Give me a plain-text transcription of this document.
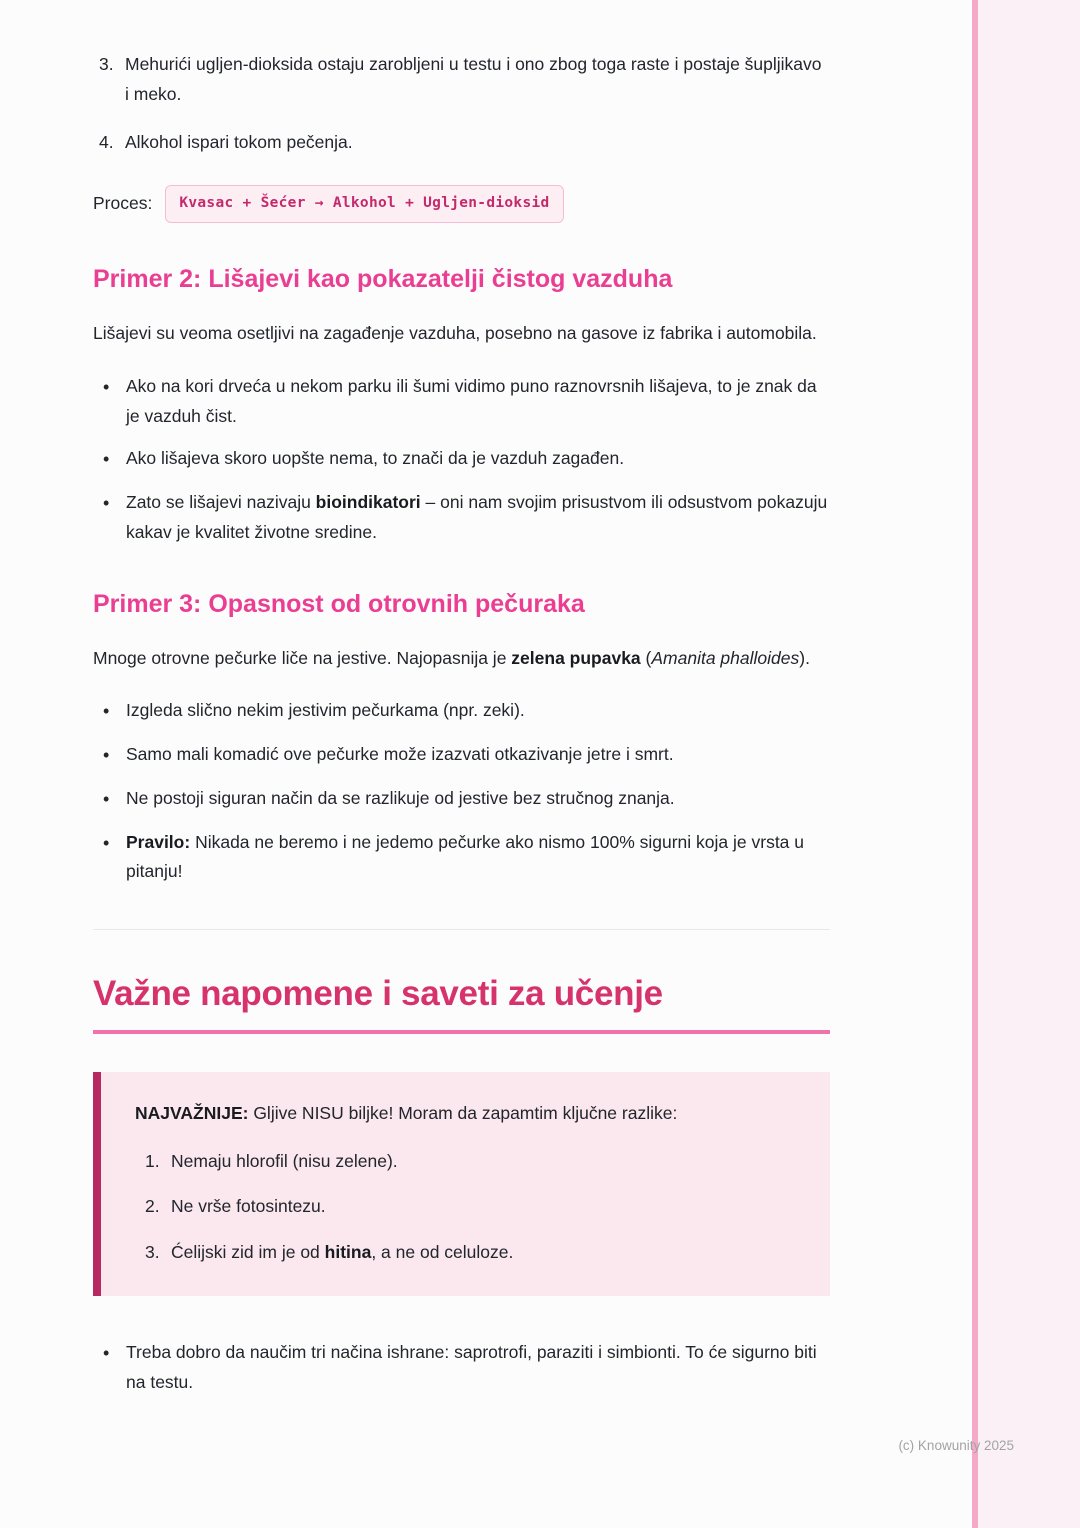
3. Mehurići ugljen-dioksida ostaju zarobljeni u testu i ono zbog toga raste i postaje šupljikavo i meko.
4. Alkohol ispari tokom pečenja.
Proces:	Kvasac + Šećer → Alkohol + Ugljen-dioksid
Primer 2: Lišajevi kao pokazatelji čistog vazduha

Lišajevi su veoma osetljivi na zagađenje vazduha, posebno na gasove iz fabrika i automobila.

•
Ako na kori drveća u nekom parku ili šumi vidimo puno raznovrsnih lišajeva, to je znak da je vazduh čist.
•
Ako lišajeva skoro uopšte nema, to znači da je vazduh zagađen.
•
Zato se lišajevi nazivaju bioindikatori – oni nam svojim prisustvom ili odsustvom pokazuju kakav je kvalitet životne sredine.
Primer 3: Opasnost od otrovnih pečuraka

Mnoge otrovne pečurke liče na jestive. Najopasnija je zelena pupavka (Amanita phalloides).

•
Izgleda slično nekim jestivim pečurkama (npr. zeki).
•
Samo mali komadić ove pečurke može izazvati otkazivanje jetre i smrt.
•
Ne postoji siguran način da se razlikuje od jestive bez stručnog znanja.
•
Pravilo: Nikada ne beremo i ne jedemo pečurke ako nismo 100% sigurni koja je vrsta u pitanju!
Važne napomene i saveti za učenje

NAJVAŽNIJE: Gljive NISU biljke! Moram da zapamtim ključne razlike:

1. Nemaju hlorofil (nisu zelene).
2. Ne vrše fotosintezu.
3. Ćelijski zid im je od hitina, a ne od celuloze.
•
Treba dobro da naučim tri načina ishrane: saprotrofi, paraziti i simbionti. To će sigurno biti na testu.
(c) Knowunity 2025
